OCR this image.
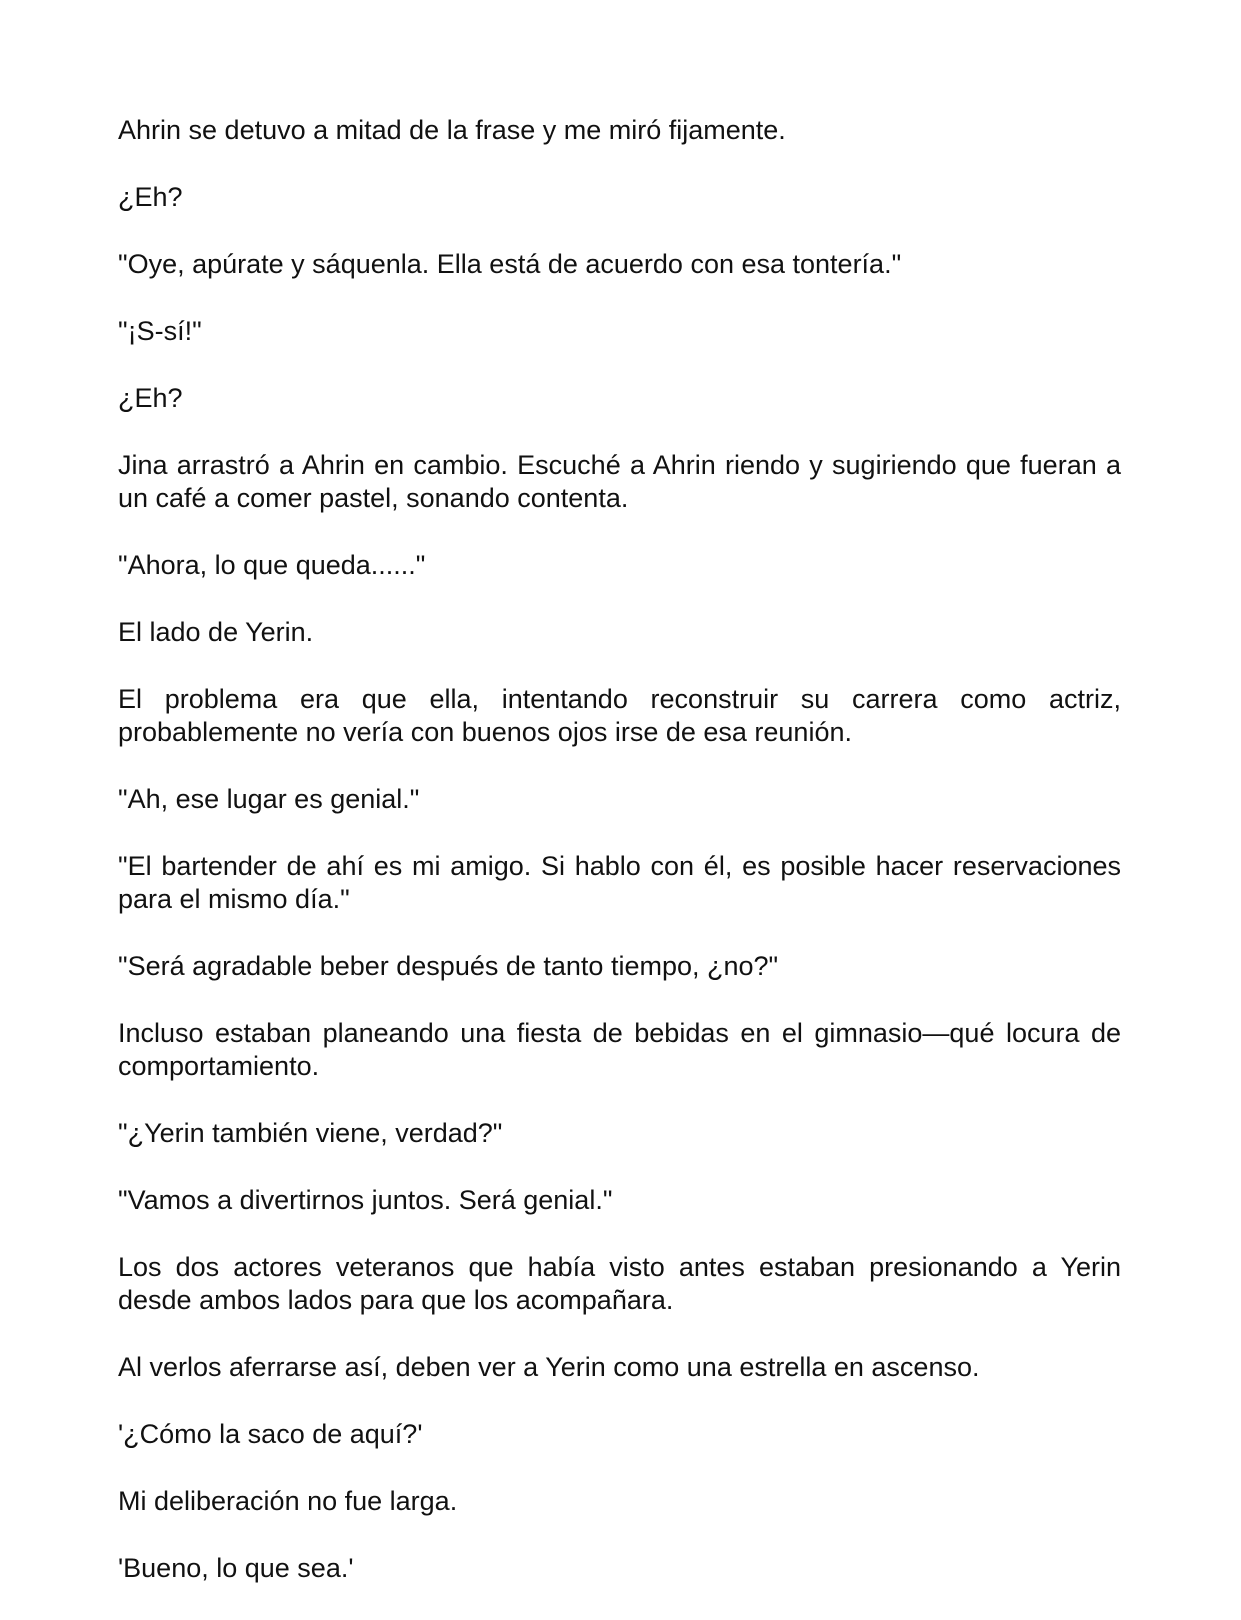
Ahrin se detuvo a mitad de la frase y me miró fijamente.

¿Eh?

"Oye, apúrate y sáquenla. Ella está de acuerdo con esa tontería."

"¡S-sí!"

¿Eh?

Jina arrastró a Ahrin en cambio. Escuché a Ahrin riendo y sugiriendo que fueran a un café a comer pastel, sonando contenta.

"Ahora, lo que queda......"

El lado de Yerin.

El problema era que ella, intentando reconstruir su carrera como actriz, probablemente no vería con buenos ojos irse de esa reunión.

"Ah, ese lugar es genial."

"El bartender de ahí es mi amigo. Si hablo con él, es posible hacer reservaciones para el mismo día."

"Será agradable beber después de tanto tiempo, ¿no?"

Incluso estaban planeando una fiesta de bebidas en el gimnasio—qué locura de comportamiento.

"¿Yerin también viene, verdad?"

"Vamos a divertirnos juntos. Será genial."

Los dos actores veteranos que había visto antes estaban presionando a Yerin desde ambos lados para que los acompañara.

Al verlos aferrarse así, deben ver a Yerin como una estrella en ascenso.

'¿Cómo la saco de aquí?'

Mi deliberación no fue larga.

'Bueno, lo que sea.'
